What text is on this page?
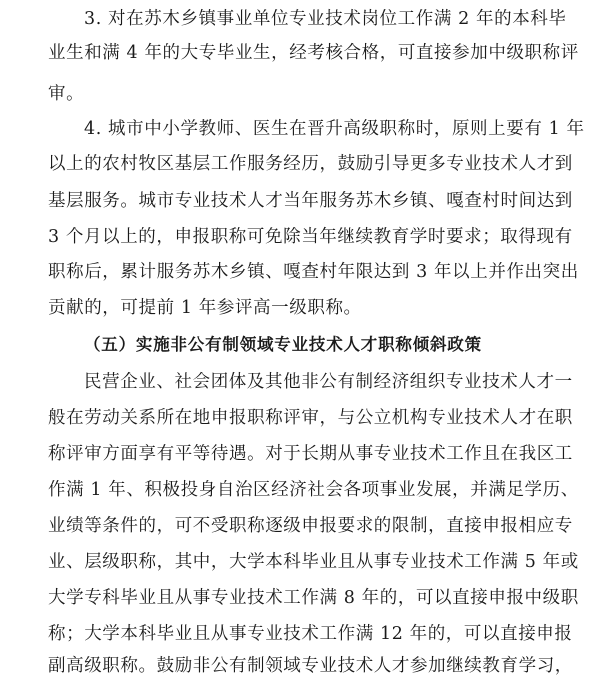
3. 对在苏木乡镇事业单位专业技术岗位工作满 2 年的本科毕
业生和满 4 年的大专毕业生，经考核合格，可直接参加中级职称评
审。
4. 城市中小学教师、医生在晋升高级职称时，原则上要有 1 年
以上的农村牧区基层工作服务经历，鼓励引导更多专业技术人才到
基层服务。城市专业技术人才当年服务苏木乡镇、嘎查村时间达到
3 个月以上的，申报职称可免除当年继续教育学时要求；取得现有
职称后，累计服务苏木乡镇、嘎查村年限达到 3 年以上并作出突出
贡献的，可提前 1 年参评高一级职称。
（五）实施非公有制领域专业技术人才职称倾斜政策
民营企业、社会团体及其他非公有制经济组织专业技术人才一
般在劳动关系所在地申报职称评审，与公立机构专业技术人才在职
称评审方面享有平等待遇。对于长期从事专业技术工作且在我区工
作满 1 年、积极投身自治区经济社会各项事业发展，并满足学历、
业绩等条件的，可不受职称逐级申报要求的限制，直接申报相应专
业、层级职称，其中，大学本科毕业且从事专业技术工作满 5 年或
大学专科毕业且从事专业技术工作满 8 年的，可以直接申报中级职
称；大学本科毕业且从事专业技术工作满 12 年的，可以直接申报
副高级职称。鼓励非公有制领域专业技术人才参加继续教育学习，
